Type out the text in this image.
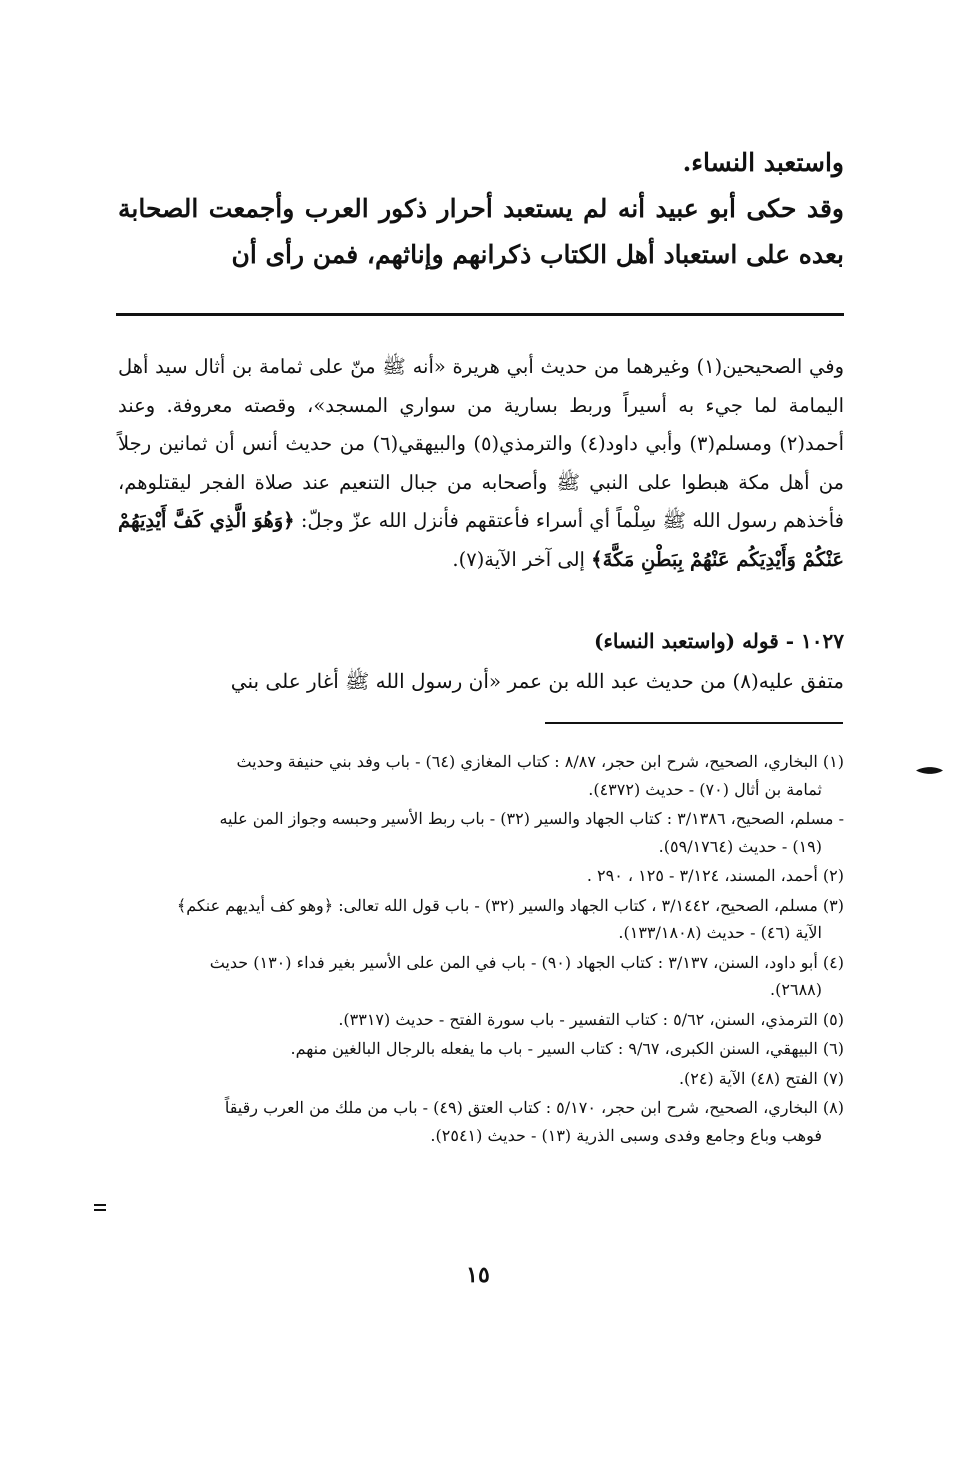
واستعبد النساء.

وقد حكى أبو عبيد أنه لم يستعبد أحرار ذكور العرب وأجمعت الصحابة بعده على استعباد أهل الكتاب ذكرانهم وإناثهم، فمن رأى أن

وفي الصحيحين(١) وغيرهما من حديث أبي هريرة «أنه ﷺ منّ على ثمامة بن أثال سيد أهل اليمامة لما جيء به أسيراً وربط بسارية من سواري المسجد»، وقصته معروفة. وعند أحمد(٢) ومسلم(٣) وأبي داود(٤) والترمذي(٥) والبيهقي(٦) من حديث أنس أن ثمانين رجلاً من أهل مكة هبطوا على النبي ﷺ وأصحابه من جبال التنعيم عند صلاة الفجر ليقتلوهم، فأخذهم رسول الله ﷺ سِلْماً أي أسراء فأعتقهم فأنزل الله عزّ وجلّ: ﴿وَهُوَ الَّذِي كَفَّ أَيْدِيَهُمْ عَنْكُمْ وَأَيْدِيَكُم عَنْهُمْ بِبَطْنِ مَكَّةَ﴾ إلى آخر الآية(٧).

١٠٢٧ - قوله (واستعبد النساء)

متفق عليه(٨) من حديث عبد الله بن عمر «أن رسول الله ﷺ أغار على بني

(١) البخاري، الصحيح، شرح ابن حجر، ٨/٨٧ : كتاب المغازي (٦٤) - باب وفد بني حنيفة وحديث
ثمامة بن أثال (٧٠) - حديث (٤٣٧٢).

- مسلم، الصحيح، ٣/١٣٨٦ : كتاب الجهاد والسير (٣٢) - باب ربط الأسير وحبسه وجواز المن عليه
(١٩) - حديث (٥٩/١٧٦٤).

(٢) أحمد، المسند، ٣/١٢٤ - ١٢٥ ، ٢٩٠ .

(٣) مسلم، الصحيح، ٣/١٤٤٢ ، كتاب الجهاد والسير (٣٢) - باب قول الله تعالى: ﴿وهو كف أيديهم عنكم﴾
الآية (٤٦) - حديث (١٣٣/١٨٠٨).

(٤) أبو داود، السنن، ٣/١٣٧ : كتاب الجهاد (٩٠) - باب في المن على الأسير بغير فداء (١٣٠) حديث
(٢٦٨٨).

(٥) الترمذي، السنن، ٥/٦٢ : كتاب التفسير - باب سورة الفتح - حديث (٣٣١٧).

(٦) البيهقي، السنن الكبرى، ٩/٦٧ : كتاب السير - باب ما يفعله بالرجال البالغين منهم.

(٧) الفتح (٤٨) الآية (٢٤).

(٨) البخاري، الصحيح، شرح ابن حجر، ٥/١٧٠ : كتاب العتق (٤٩) - باب من ملك من العرب رقيقاً
فوهب وباع وجامع وفدى وسبى الذرية (١٣) - حديث (٢٥٤١).

١٥
